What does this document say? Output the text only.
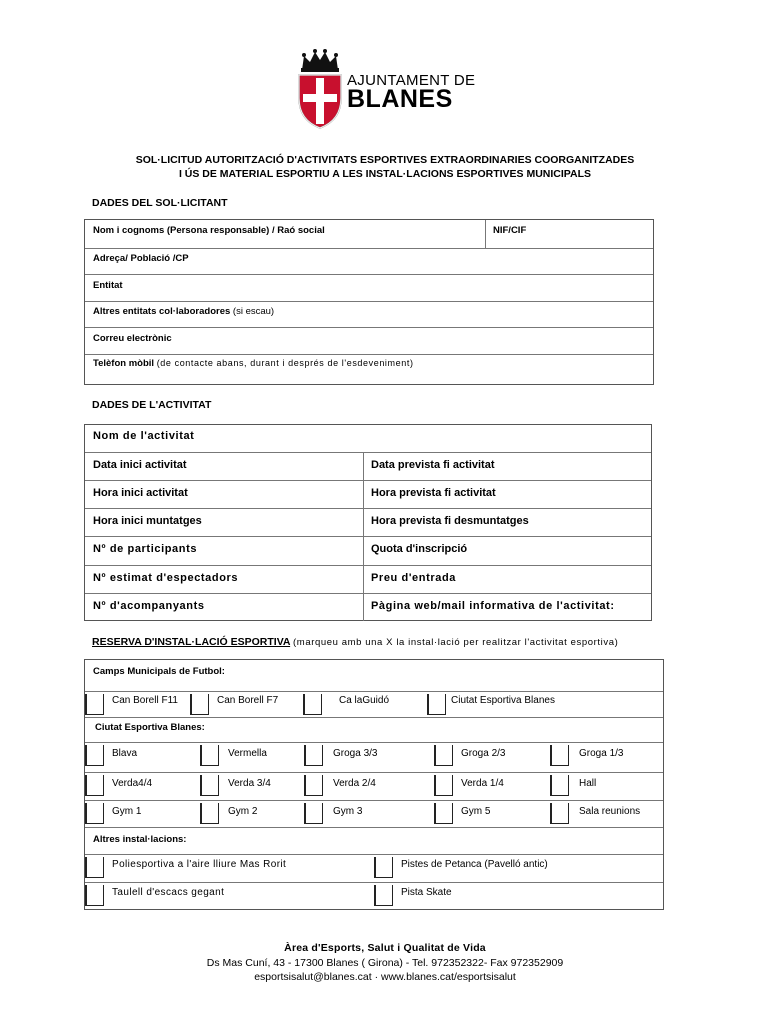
AJUNTAMENT DE
BLANES
SOL·LICITUD AUTORITZACIÓ D'ACTIVITATS ESPORTIVES EXTRAORDINARIES COORGANITZADES
I ÚS DE MATERIAL ESPORTIU A LES INSTAL·LACIONS ESPORTIVES MUNICIPALS
DADES DEL SOL·LICITANT
Nom i cognoms (Persona responsable) / Raó social	NIF/CIF
Adreça/ Població /CP
Entitat
Altres entitats col·laboradores (si escau)
Correu electrònic
Telèfon mòbil (de contacte abans, durant i després de l'esdeveniment)
DADES DE L'ACTIVITAT
Nom de l'activitat
Data inici activitat	Data prevista fi activitat
Hora inici activitat	Hora prevista fi activitat
Hora inici muntatges	Hora prevista fi desmuntatges
Nº de participants	Quota d'inscripció
Nº estimat d'espectadors	Preu d'entrada
Nº d'acompanyants	Pàgina web/mail informativa de l'activitat:
RESERVA D'INSTAL·LACIÓ ESPORTIVA (marqueu amb una X la instal·lació per realitzar l'activitat esportiva)
Camps Municipals de Futbol:
Can Borell F11	Can Borell F7	Ca laGuidó	Ciutat Esportiva Blanes
Ciutat Esportiva Blanes:
Blava	Vermella	Groga 3/3	Groga 2/3	Groga 1/3
Verda4/4	Verda 3/4	Verda 2/4	Verda 1/4	Hall
Gym 1	Gym 2	Gym 3	Gym 5	Sala reunions
Altres instal·lacions:
Poliesportiva a l'aire lliure Mas Rorit	Pistes de Petanca (Pavelló antic)
Taulell d'escacs gegant	Pista Skate
Àrea d'Esports, Salut i Qualitat de Vida
Ds Mas Cuní, 43 - 17300 Blanes ( Girona) - Tel. 972352322- Fax 972352909
esportsisalut@blanes.cat · www.blanes.cat/esportsisalut
